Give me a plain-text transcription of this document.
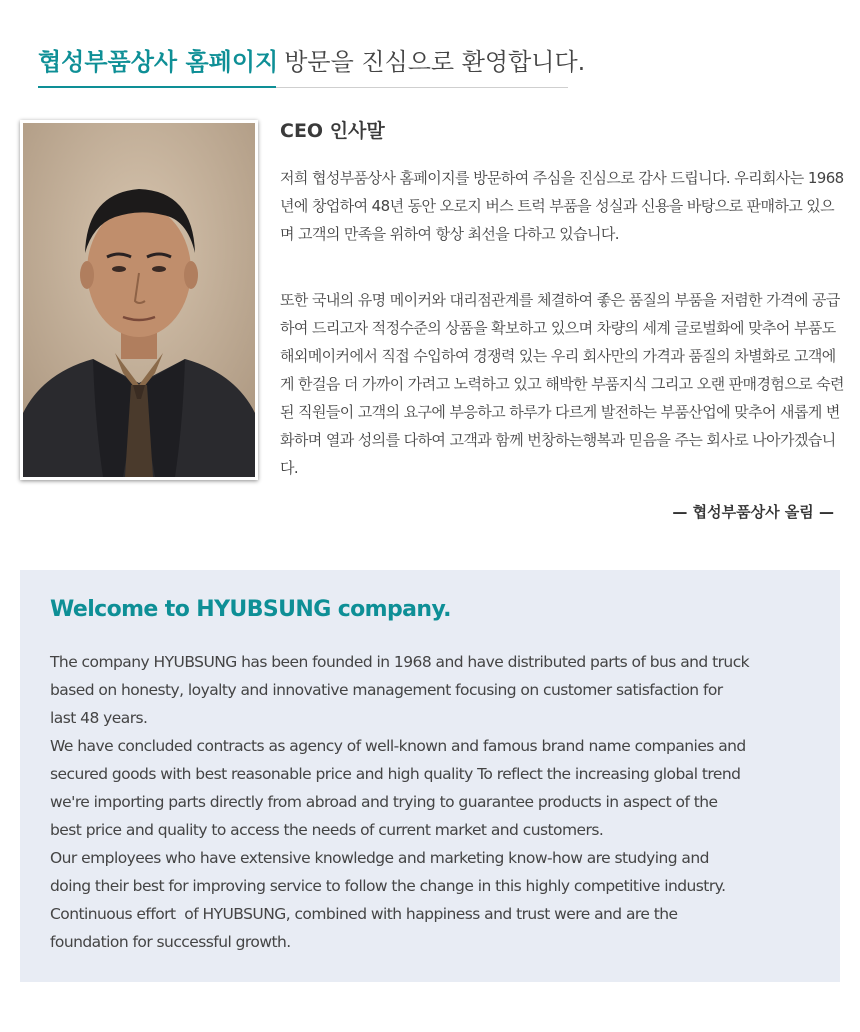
협성부품상사 홈페이지 방문을 진심으로 환영합니다.
CEO 인사말

저희 협성부품상사 홈페이지를 방문하여 주심을 진심으로 감사 드립니다. 우리회사는 1968년에 창업하여 48년 동안 오로지 버스 트럭 부품을 성실과 신용을 바탕으로 판매하고 있으며 고객의 만족을 위하여 항상 최선을 다하고 있습니다.

또한 국내의 유명 메이커와 대리점관계를 체결하여 좋은 품질의 부품을 저렴한 가격에 공급하여 드리고자 적정수준의 상품을 확보하고 있으며 차량의 세계 글로벌화에 맞추어 부품도 해외메이커에서 직접 수입하여 경쟁력 있는 우리 회사만의 가격과 품질의 차별화로 고객에게 한걸음 더 가까이 가려고 노력하고 있고 해박한 부품지식 그리고 오랜 판매경험으로 숙련된 직원들이 고객의 요구에 부응하고 하루가 다르게 발전하는 부품산업에 맞추어 새롭게 변화하며 열과 성의를 다하여 고객과 함께 번창하는행복과 믿음을 주는 회사로 나아가겠습니다.

— 협성부품상사 올림 —
Welcome to HYUBSUNG company.
The company HYUBSUNG has been founded in 1968 and have distributed parts of bus and truck
based on honesty, loyalty and innovative management focusing on customer satisfaction for
last 48 years.
We have concluded contracts as agency of well-known and famous brand name companies and
secured goods with best reasonable price and high quality To reflect the increasing global trend
we're importing parts directly from abroad and trying to guarantee products in aspect of the
best price and quality to access the needs of current market and customers.
Our employees who have extensive knowledge and marketing know-how are studying and
doing their best for improving service to follow the change in this highly competitive industry.
Continuous effort  of HYUBSUNG, combined with happiness and trust were and are the
foundation for successful growth.
